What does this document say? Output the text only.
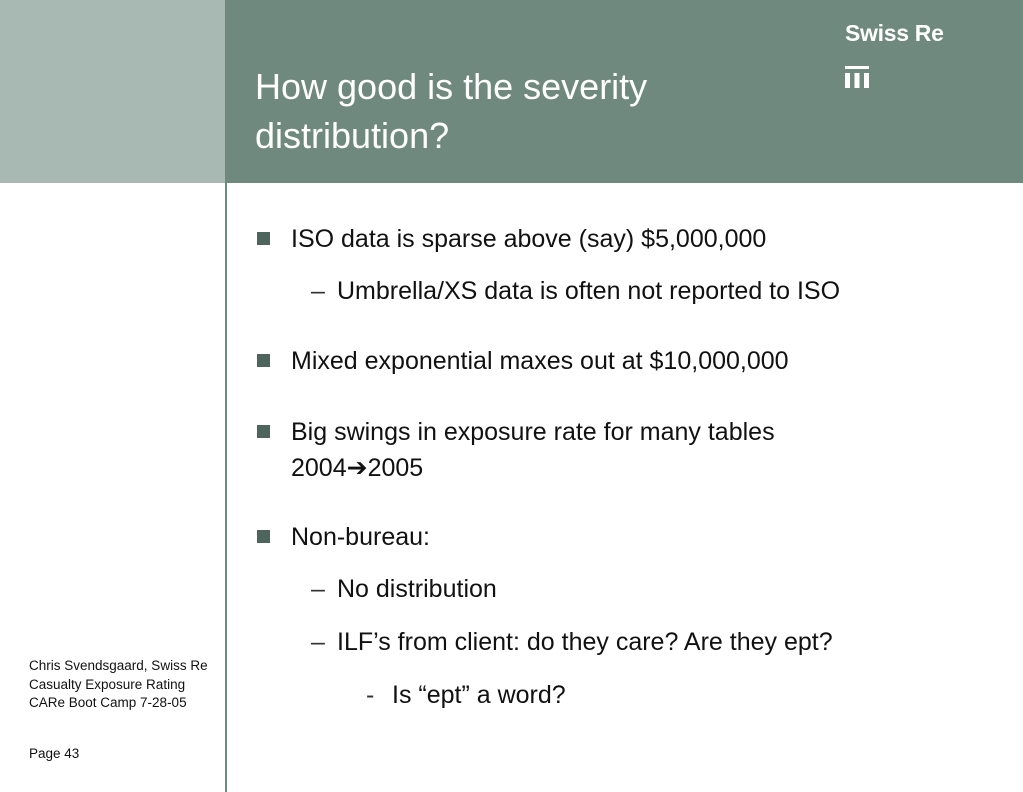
How good is the severity distribution?
Swiss Re
ISO data is sparse above (say) $5,000,000
– Umbrella/XS data is often not reported to ISO
Mixed exponential maxes out at $10,000,000
Big swings in exposure rate for many tables
2004➔2005
Non-bureau:
– No distribution
– ILF’s from client: do they care? Are they ept?
- Is “ept” a word?
Chris Svendsgaard, Swiss Re
Casualty Exposure Rating
CARe Boot Camp 7-28-05
Page 43
